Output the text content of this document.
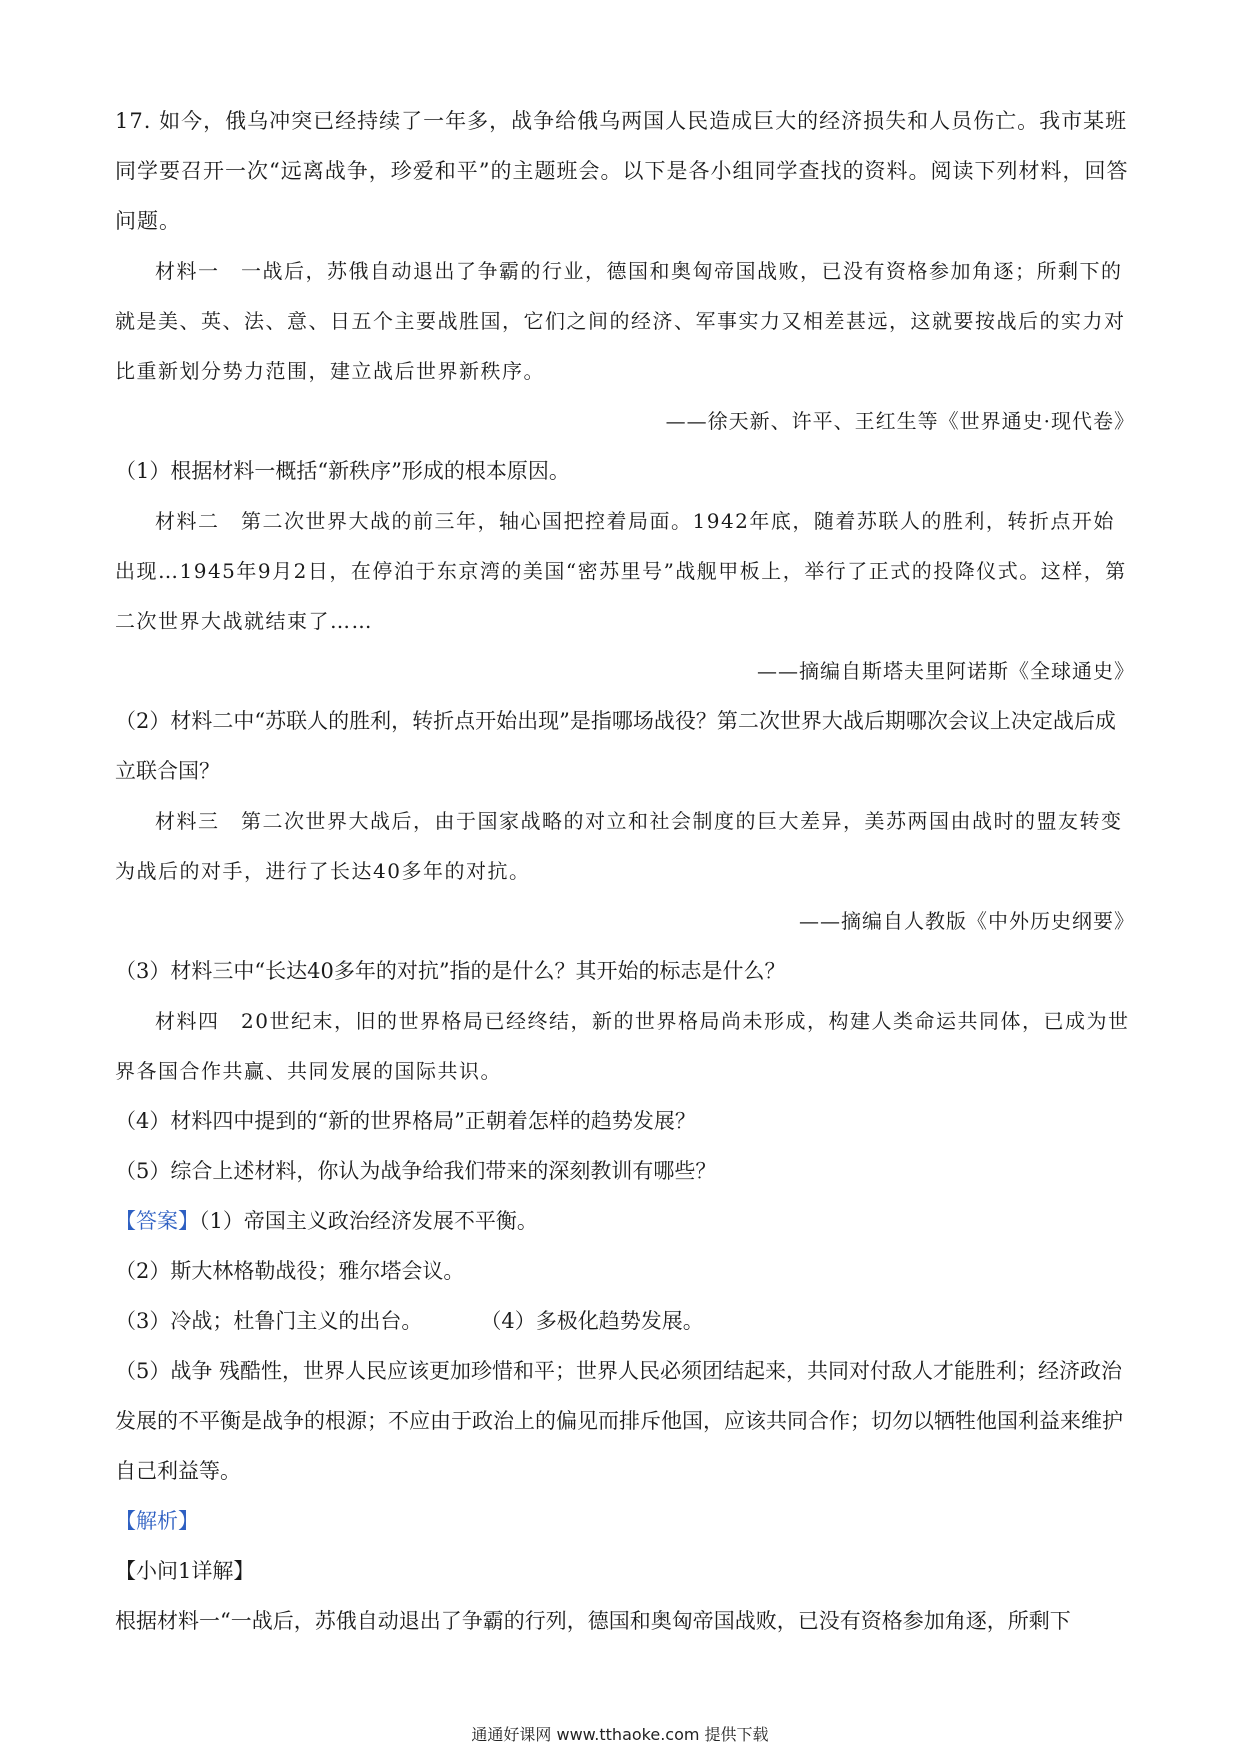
17. 如今，俄乌冲突已经持续了一年多，战争给俄乌两国人民造成巨大的经济损失和人员伤亡。我市某班同学要召开一次“远离战争，珍爱和平”的主题班会。以下是各小组同学查找的资料。阅读下列材料，回答问题。

材料一　一战后，苏俄自动退出了争霸的行业，德国和奥匈帝国战败，已没有资格参加角逐；所剩下的就是美、英、法、意、日五个主要战胜国，它们之间的经济、军事实力又相差甚远，这就要按战后的实力对比重新划分势力范围，建立战后世界新秩序。

——徐天新、许平、王红生等《世界通史·现代卷》

（1）根据材料一概括“新秩序”形成的根本原因。

材料二　第二次世界大战的前三年，轴心国把控着局面。1942年底，随着苏联人的胜利，转折点开始出现…1945年9月2日，在停泊于东京湾的美国“密苏里号”战舰甲板上，举行了正式的投降仪式。这样，第二次世界大战就结束了……

——摘编自斯塔夫里阿诺斯《全球通史》

（2）材料二中“苏联人的胜利，转折点开始出现”是指哪场战役？第二次世界大战后期哪次会议上决定战后成立联合国？

材料三　第二次世界大战后，由于国家战略的对立和社会制度的巨大差异，美苏两国由战时的盟友转变为战后的对手，进行了长达40多年的对抗。

——摘编自人教版《中外历史纲要》

（3）材料三中“长达40多年的对抗”指的是什么？其开始的标志是什么？

材料四　20世纪末，旧的世界格局已经终结，新的世界格局尚未形成，构建人类命运共同体，已成为世界各国合作共赢、共同发展的国际共识。

（4）材料四中提到的“新的世界格局”正朝着怎样的趋势发展？

（5）综合上述材料，你认为战争给我们带来的深刻教训有哪些？

【答案】（1）帝国主义政治经济发展不平衡。

（2）斯大林格勒战役；雅尔塔会议。

（3）冷战；杜鲁门主义的出台。	（4）多极化趋势发展。

（5）战争 残酷性，世界人民应该更加珍惜和平；世界人民必须团结起来，共同对付敌人才能胜利；经济政治发展的不平衡是战争的根源；不应由于政治上的偏见而排斥他国，应该共同合作；切勿以牺牲他国利益来维护自己利益等。

【解析】

【小问1详解】

根据材料一“一战后，苏俄自动退出了争霸的行列，德国和奥匈帝国战败，已没有资格参加角逐，所剩下

通通好课网 www.tthaoke.com 提供下载
